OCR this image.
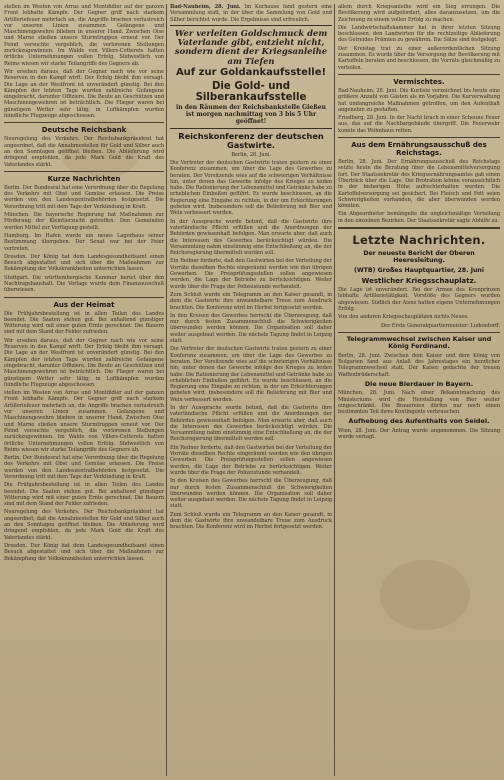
stellen im Westen von Arras und Montdidier auf der ganzen Front lebhafte Kämpfe. Der Gegner griff nach starkem Artilleriefeuer mehrfach an, die Angriffe brachen verlustreich vor unseren Linien zusammen. Gefangene und Maschinengewehre blieben in unserer Hand. Zwischen Oise und Marne stießen unsere Sturmtruppen erneut vor. Der Feind versuchte vergeblich, die verlorenen Stellungen zurückzugewinnen. Im Walde von Villers-Cotterets hatten örtliche Unternehmungen vollen Erfolg. Südwestlich von Reims wiesen wir starke Teilangriffe des Gegners ab.

Wir ersehen daraus, daß der Gegner nach wie vor seine Reserven in den Kampf wirft. Der Erfolg bleibt ihm versagt. Die Lage an der Westfront ist unverändert günstig. Bei den Kämpfen der letzten Tage wurden zahlreiche Gefangene eingebracht, darunter Offiziere. Die Beute an Geschützen und Maschinengewehren ist beträchtlich. Die Flieger waren bei günstigem Wetter sehr tätig; in Luftkämpfen wurden feindliche Flugzeuge abgeschossen.

Deutsche Reichsbank

Neuregelung des Verkehrs. Der Reichsbankpräsident hat angeordnet, daß die Annahmestellen für Gold und Silber auch an den Sonntagen geöffnet bleiben. Die Ablieferung wird dringend empfohlen, da jede Mark Gold die Kraft des Vaterlandes stärkt.

Kurze Nachrichten

Berlin. Der Bundesrat hat eine Verordnung über die Regelung des Verkehrs mit Obst und Gemüse erlassen. Die Preise werden von den Landeszentralbehörden festgesetzt. Die Verordnung tritt mit dem Tage der Verkündung in Kraft.

München. Die bayerische Regierung hat Maßnahmen zur Förderung der Kleintierzucht getroffen. Den Gemeinden werden Mittel zur Verfügung gestellt.

Hamburg. Im Hafen wurde ein neues Lagerhaus seiner Bestimmung übergeben. Der Senat war bei der Feier vertreten.

Dresden. Der König hat dem Landesgesundheitsamt einen Besuch abgestattet und sich über die Maßnahmen zur Bekämpfung der Volkskrankheiten unterrichten lassen.

Stuttgart. Die württembergische Kammer beriet über den Nachtragshaushalt. Die Vorlage wurde dem Finanzausschuß überwiesen.

Aus der Heimat

Die Frühjahrsbestellung ist in allen Teilen des Landes beendet. Die Saaten stehen gut. Bei anhaltend günstiger Witterung wird mit einer guten Ernte gerechnet. Die Bauern sind mit dem Stand der Felder zufrieden.

Wir ersehen daraus, daß der Gegner nach wie vor seine Reserven in den Kampf wirft. Der Erfolg bleibt ihm versagt. Die Lage an der Westfront ist unverändert günstig. Bei den Kämpfen der letzten Tage wurden zahlreiche Gefangene eingebracht, darunter Offiziere. Die Beute an Geschützen und Maschinengewehren ist beträchtlich. Die Flieger waren bei günstigem Wetter sehr tätig; in Luftkämpfen wurden feindliche Flugzeuge abgeschossen.

stellen im Westen von Arras und Montdidier auf der ganzen Front lebhafte Kämpfe. Der Gegner griff nach starkem Artilleriefeuer mehrfach an, die Angriffe brachen verlustreich vor unseren Linien zusammen. Gefangene und Maschinengewehre blieben in unserer Hand. Zwischen Oise und Marne stießen unsere Sturmtruppen erneut vor. Der Feind versuchte vergeblich, die verlorenen Stellungen zurückzugewinnen. Im Walde von Villers-Cotterets hatten örtliche Unternehmungen vollen Erfolg. Südwestlich von Reims wiesen wir starke Teilangriffe des Gegners ab.

Berlin. Der Bundesrat hat eine Verordnung über die Regelung des Verkehrs mit Obst und Gemüse erlassen. Die Preise werden von den Landeszentralbehörden festgesetzt. Die Verordnung tritt mit dem Tage der Verkündung in Kraft.

Die Frühjahrsbestellung ist in allen Teilen des Landes beendet. Die Saaten stehen gut. Bei anhaltend günstiger Witterung wird mit einer guten Ernte gerechnet. Die Bauern sind mit dem Stand der Felder zufrieden.

Neuregelung des Verkehrs. Der Reichsbankpräsident hat angeordnet, daß die Annahmestellen für Gold und Silber auch an den Sonntagen geöffnet bleiben. Die Ablieferung wird dringend empfohlen, da jede Mark Gold die Kraft des Vaterlandes stärkt.

Dresden. Der König hat dem Landesgesundheitsamt einen Besuch abgestattet und sich über die Maßnahmen zur Bekämpfung der Volkskrankheiten unterrichten lassen.

Bad-Nauheim, 28. Juni. Im Kurhause fand gestern eine Versammlung statt, in der über die Sammlung von Gold und Silber berichtet wurde. Die Ergebnisse sind erfreulich.

Wer verleiten Goldschmuck dem Vaterlande gibt, entzieht nicht, sondern dient der Kriegsanleihe am Tiefen
Auf zur Goldankaufsstelle!
Die Gold- und Silberankaufsstelle
in den Räumen der Reichsbankstelle Gießen ist morgen nachmittag von 3 bis 5 Uhr geöffnet!
Reichskonferenz der deutschen Gastwirte.
Berlin, 28. Juni.

Die Vertreter der deutschen Gastwirte traten gestern zu einer Konferenz zusammen, um über die Lage des Gewerbes zu beraten. Der Vorsitzende wies auf die schwierigen Verhältnisse hin, unter denen das Gewerbe infolge des Krieges zu leiden habe. Die Rationierung der Lebensmittel und Getränke habe zu erheblichen Einbußen geführt. Es wurde beschlossen, an die Regierung eine Eingabe zu richten, in der um Erleichterungen gebeten wird. Insbesondere soll die Belieferung mit Bier und Wein verbessert werden.

In der Aussprache wurde betont, daß die Gastwirte ihre vaterländische Pflicht erfüllen und die Anordnungen der Behörden gewissenhaft befolgen. Man erwarte aber, daß auch die Interessen des Gewerbes berücksichtigt würden. Die Versammlung nahm einstimmig eine Entschließung an, die der Reichsregierung übermittelt werden soll.

Ein Redner forderte, daß den Gastwirten bei der Verteilung der Vorräte dieselben Rechte eingeräumt werden wie den übrigen Gewerben. Die Preisprüfungsstellen sollen angewiesen werden, die Lage der Betriebe zu berücksichtigen. Weiter wurde über die Frage der Polizeistunde verhandelt.

Zum Schluß wurde ein Telegramm an den Kaiser gesandt, in dem die Gastwirte ihre unwandelbare Treue zum Ausdruck brachten. Die Konferenz wird im Herbst fortgesetzt werden.

In den Kreisen des Gewerbes herrscht die Überzeugung, daß nur durch festen Zusammenschluß die Schwierigkeiten überwunden werden können. Die Organisation soll daher weiter ausgebaut werden. Die nächste Tagung findet in Leipzig statt.

Die Vertreter der deutschen Gastwirte traten gestern zu einer Konferenz zusammen, um über die Lage des Gewerbes zu beraten. Der Vorsitzende wies auf die schwierigen Verhältnisse hin, unter denen das Gewerbe infolge des Krieges zu leiden habe. Die Rationierung der Lebensmittel und Getränke habe zu erheblichen Einbußen geführt. Es wurde beschlossen, an die Regierung eine Eingabe zu richten, in der um Erleichterungen gebeten wird. Insbesondere soll die Belieferung mit Bier und Wein verbessert werden.

In der Aussprache wurde betont, daß die Gastwirte ihre vaterländische Pflicht erfüllen und die Anordnungen der Behörden gewissenhaft befolgen. Man erwarte aber, daß auch die Interessen des Gewerbes berücksichtigt würden. Die Versammlung nahm einstimmig eine Entschließung an, die der Reichsregierung übermittelt werden soll.

Ein Redner forderte, daß den Gastwirten bei der Verteilung der Vorräte dieselben Rechte eingeräumt werden wie den übrigen Gewerben. Die Preisprüfungsstellen sollen angewiesen werden, die Lage der Betriebe zu berücksichtigen. Weiter wurde über die Frage der Polizeistunde verhandelt.

In den Kreisen des Gewerbes herrscht die Überzeugung, daß nur durch festen Zusammenschluß die Schwierigkeiten überwunden werden können. Die Organisation soll daher weiter ausgebaut werden. Die nächste Tagung findet in Leipzig statt.

Zum Schluß wurde ein Telegramm an den Kaiser gesandt, in dem die Gastwirte ihre unwandelbare Treue zum Ausdruck brachten. Die Konferenz wird im Herbst fortgesetzt werden.

allein durch Kriegsanleihe wird ein Sieg errungen. Die Bevölkerung wird aufgefordert, alles daranzusetzen, um die Zeichnung zu einem vollen Erfolg zu machen.

Die Landwirtschaftskammer hat in ihrer letzten Sitzung beschlossen, den Landwirten für die rechtzeitige Ablieferung des Getreides Prämien zu gewähren. Die Sätze sind festgelegt.

Der Kreistag trat zu einer außerordentlichen Sitzung zusammen. Es wurde über die Versorgung der Bevölkerung mit Kartoffeln beraten und beschlossen, die Vorräte gleichmäßig zu verteilen.

Vermischtes.

Bad-Nauheim, 28. Juni. Die Kurliste verzeichnet bis heute eine größere Anzahl von Gästen als im Vorjahre. Die Kurverwaltung hat umfangreiche Maßnahmen getroffen, um den Aufenthalt angenehm zu gestalten.

Friedberg, 28. Juni. In der Nacht brach in einer Scheune Feuer aus, das auf die Nachbargebäude übergriff. Die Feuerwehr konnte das Wohnhaus retten.

Aus dem Ernährungsausschuß des Reichstags.

Berlin, 28. Juni. Der Ernährungsausschuß des Reichstags setzte heute die Beratung über die Lebensmittelversorgung fort. Der Staatssekretär des Kriegsernährungsamtes gab einen Überblick über die Lage. Die Brotration könne voraussichtlich in der bisherigen Höhe aufrechterhalten werden. Die Kartoffelversorgung sei gesichert. Bei Fleisch und Fett seien Schwierigkeiten vorhanden, die aber überwunden werden könnten.

Ein Abgeordneter bemängelte die ungleichmäßige Verteilung in den einzelnen Bezirken. Der Staatssekretär sagte Abhilfe zu.

Letzte Nachrichten.
Der neueste Bericht der Oberen Heeresleitung.
(WTB) Großes Hauptquartier, 28. Juni
Westlicher Kriegsschauplatz.

Die Lage ist unverändert. Bei der Armee des Kronprinzen lebhafte Artillerietätigkeit. Vorstöße des Gegners wurden abgewiesen. Südlich der Aisne hatten eigene Unternehmungen Erfolg.

Von den anderen Kriegsschauplätzen nichts Neues.

Der Erste Generalquartiermeister: Ludendorff.

Telegrammwechsel zwischen Kaiser und König Ferdinand.

Berlin, 28. Juni. Zwischen dem Kaiser und dem König von Bulgarien fand aus Anlaß des Jahrestages ein herzlicher Telegrammwechsel statt. Der Kaiser gedachte der treuen Waffenbrüderschaft.

Die neue Bierdauer in Bayern.

München, 28. Juni. Nach einer Bekanntmachung des Ministeriums wird die Herstellung von Bier weiter eingeschränkt. Die Brauereien dürfen nur noch einen bestimmten Teil ihres Kontingents verbrauchen.

Aufhebung des Aufenthalts von Seidel.

Wien, 28. Juni. Der Antrag wurde angenommen. Die Sitzung wurde vertagt.
